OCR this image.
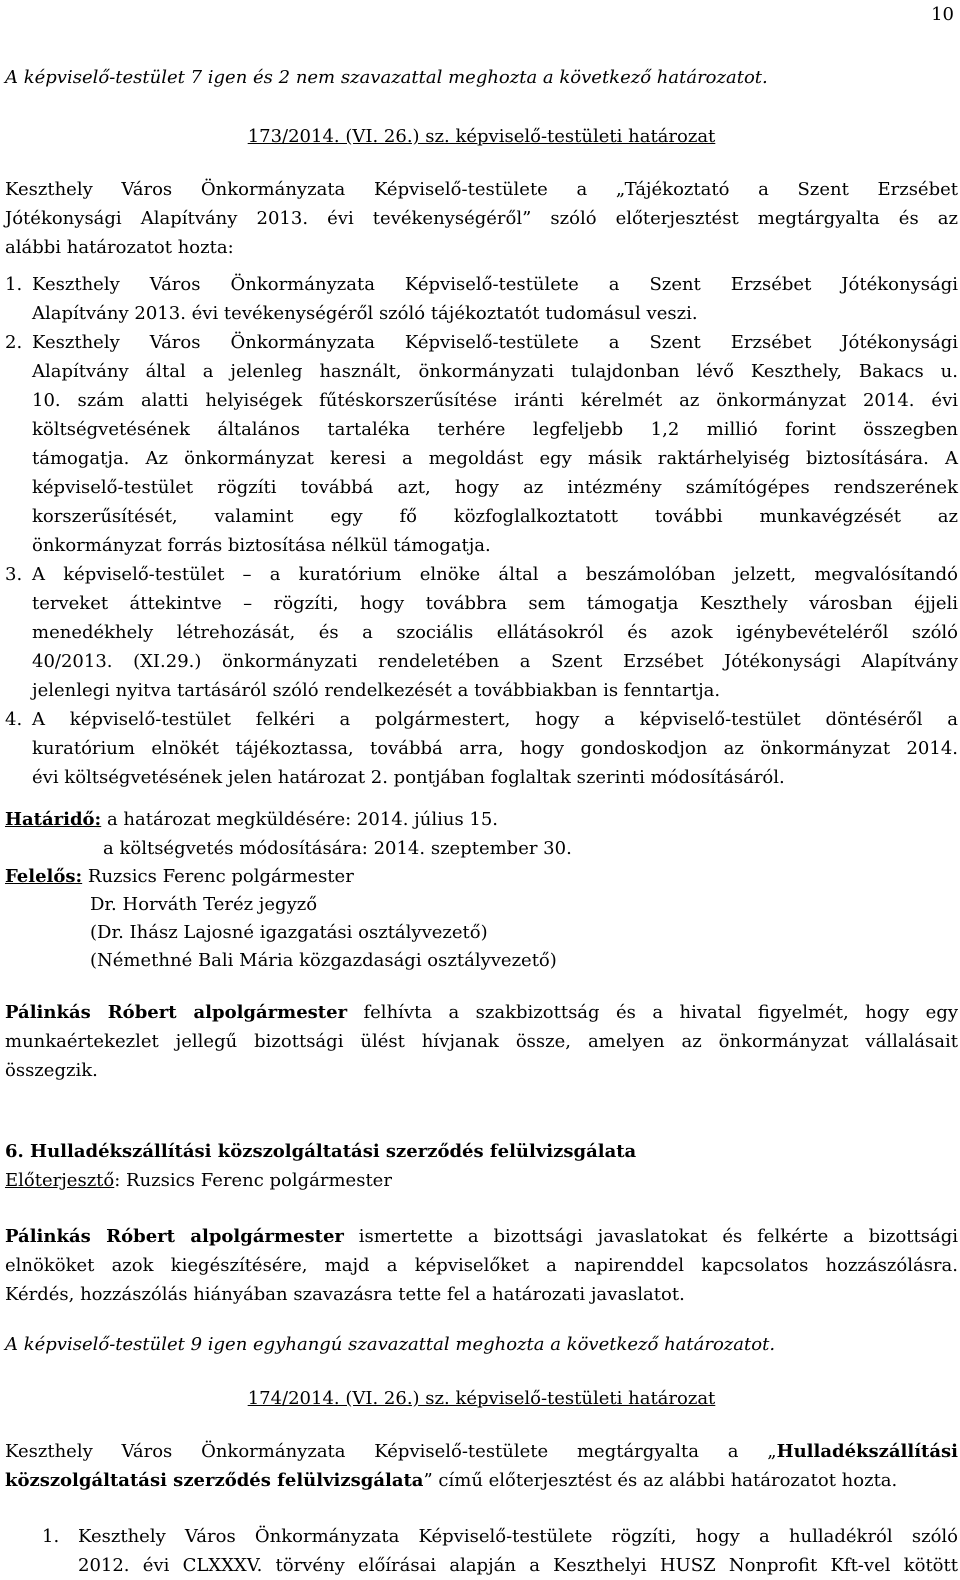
10
A képviselő-testület 7 igen és 2 nem szavazattal meghozta a következő határozatot.
173/2014. (VI. 26.) sz. képviselő-testületi határozat
Keszthely Város Önkormányzata Képviselő-testülete a „Tájékoztató a Szent Erzsébet
Jótékonysági Alapítvány 2013. évi tevékenységéről” szóló előterjesztést megtárgyalta és az
alábbi határozatot hozta:
1. Keszthely Város Önkormányzata Képviselő-testülete a Szent Erzsébet Jótékonysági
Alapítvány 2013. évi tevékenységéről szóló tájékoztatót tudomásul veszi.
2. Keszthely Város Önkormányzata Képviselő-testülete a Szent Erzsébet Jótékonysági
Alapítvány által a jelenleg használt, önkormányzati tulajdonban lévő Keszthely, Bakacs u.
10. szám alatti helyiségek fűtéskorszerűsítése iránti kérelmét az önkormányzat 2014. évi
költségvetésének általános tartaléka terhére legfeljebb 1,2 millió forint összegben
támogatja. Az önkormányzat keresi a megoldást egy másik raktárhelyiség biztosítására. A
képviselő-testület rögzíti továbbá azt, hogy az intézmény számítógépes rendszerének
korszerűsítését, valamint egy fő közfoglalkoztatott további munkavégzését az
önkormányzat forrás biztosítása nélkül támogatja.
3. A képviselő-testület – a kuratórium elnöke által a beszámolóban jelzett, megvalósítandó
terveket áttekintve – rögzíti, hogy továbbra sem támogatja Keszthely városban éjjeli
menedékhely létrehozását, és a szociális ellátásokról és azok igénybevételéről szóló
40/2013. (XI.29.) önkormányzati rendeletében a Szent Erzsébet Jótékonysági Alapítvány
jelenlegi nyitva tartásáról szóló rendelkezését a továbbiakban is fenntartja.
4. A képviselő-testület felkéri a polgármestert, hogy a képviselő-testület döntéséről a
kuratórium elnökét tájékoztassa, továbbá arra, hogy gondoskodjon az önkormányzat 2014.
évi költségvetésének jelen határozat 2. pontjában foglaltak szerinti módosításáról.
Határidő: a határozat megküldésére: 2014. július 15.
a költségvetés módosítására: 2014. szeptember 30.
Felelős: Ruzsics Ferenc polgármester
Dr. Horváth Teréz jegyző
(Dr. Ihász Lajosné igazgatási osztályvezető)
(Némethné Bali Mária közgazdasági osztályvezető)
Pálinkás Róbert alpolgármester felhívta a szakbizottság és a hivatal figyelmét, hogy egy
munkaértekezlet jellegű bizottsági ülést hívjanak össze, amelyen az önkormányzat vállalásait
összegzik.
6. Hulladékszállítási közszolgáltatási szerződés felülvizsgálata
Előterjesztő: Ruzsics Ferenc polgármester
Pálinkás Róbert alpolgármester ismertette a bizottsági javaslatokat és felkérte a bizottsági
elnököket azok kiegészítésére, majd a képviselőket a napirenddel kapcsolatos hozzászólásra.
Kérdés, hozzászólás hiányában szavazásra tette fel a határozati javaslatot.
A képviselő-testület 9 igen egyhangú szavazattal meghozta a következő határozatot.
174/2014. (VI. 26.) sz. képviselő-testületi határozat
Keszthely Város Önkormányzata Képviselő-testülete megtárgyalta a „Hulladékszállítási
közszolgáltatási szerződés felülvizsgálata” című előterjesztést és az alábbi határozatot hozta.
1. Keszthely Város Önkormányzata Képviselő-testülete rögzíti, hogy a hulladékról szóló
2012. évi CLXXXV. törvény előírásai alapján a Keszthelyi HUSZ Nonprofit Kft-vel kötött
